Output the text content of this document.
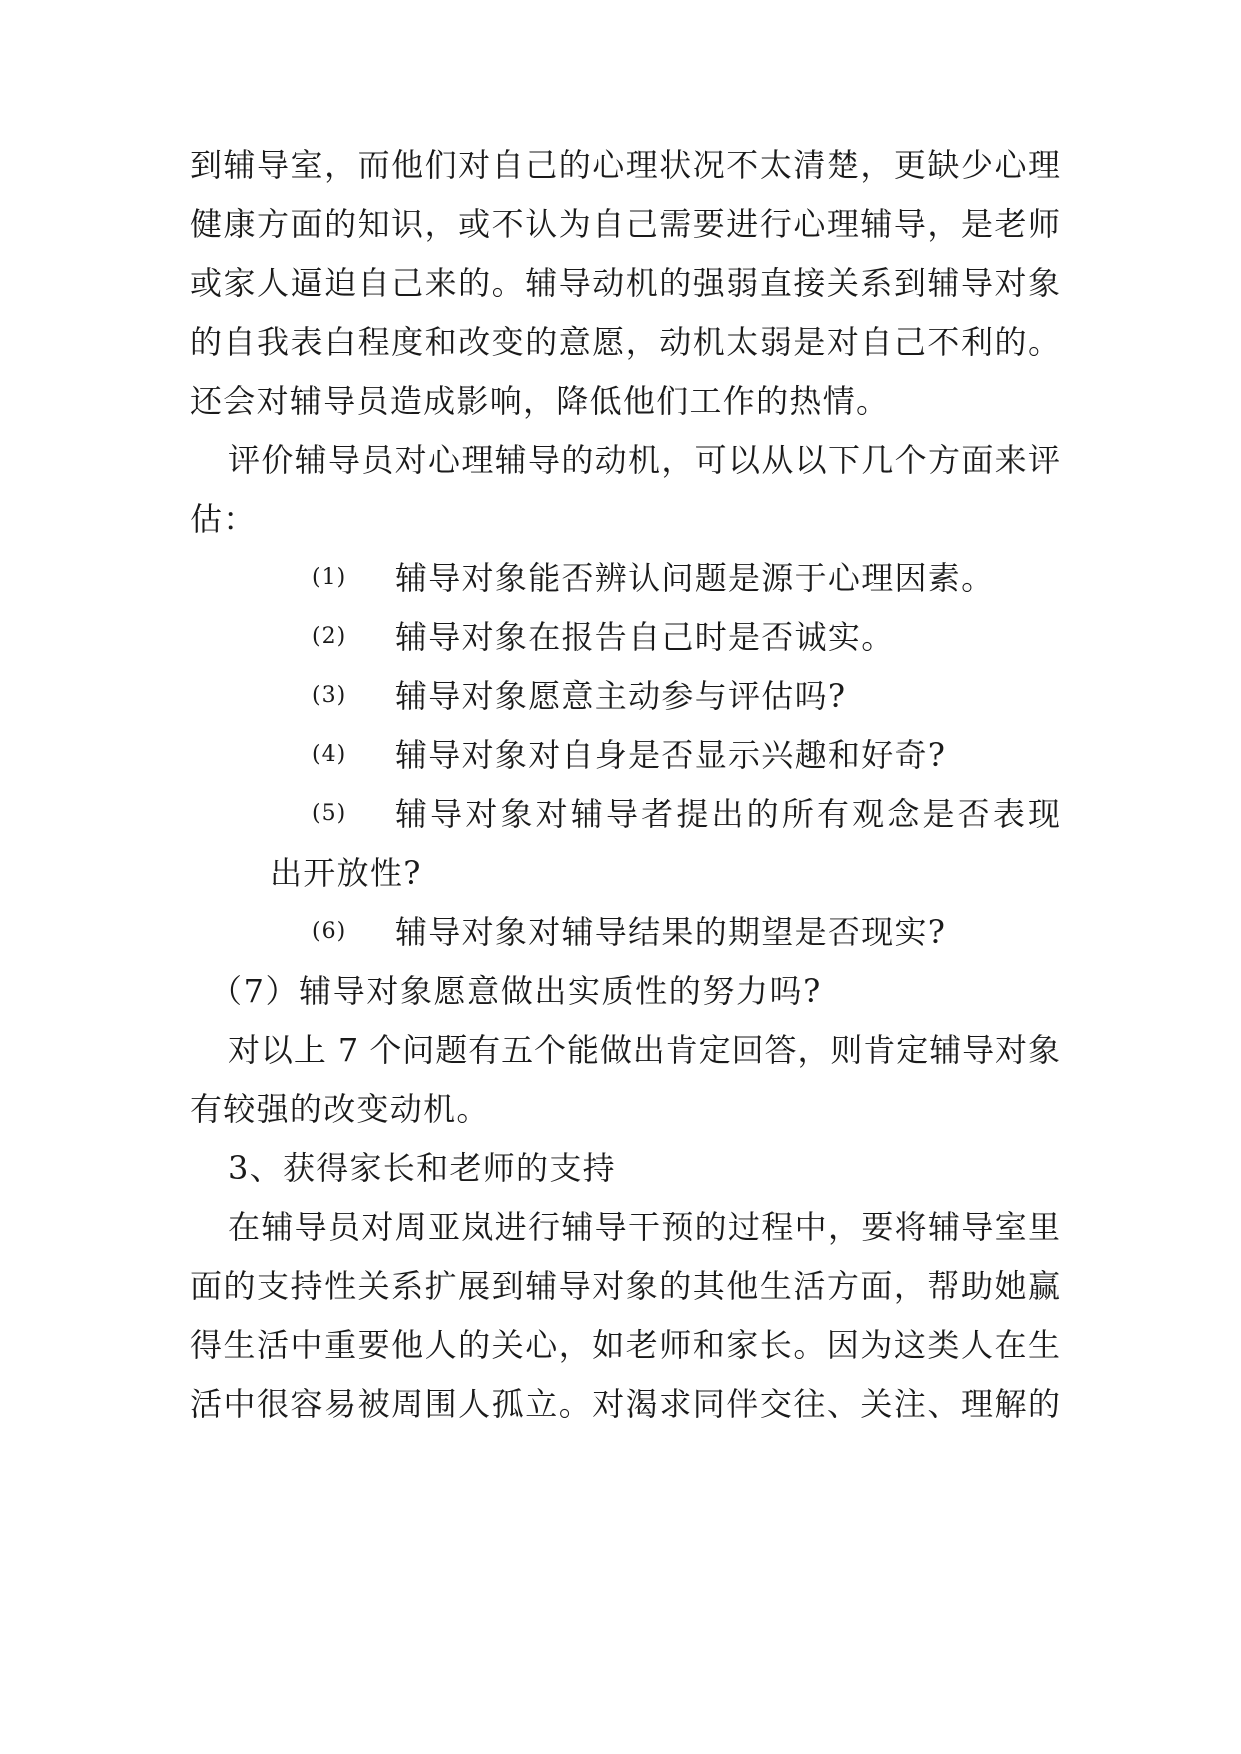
到辅导室，而他们对自己的心理状况不太清楚，更缺少心理
健康方面的知识，或不认为自己需要进行心理辅导，是老师
或家人逼迫自己来的。辅导动机的强弱直接关系到辅导对象
的自我表白程度和改变的意愿，动机太弱是对自己不利的。
还会对辅导员造成影响，降低他们工作的热情。
评价辅导员对心理辅导的动机，可以从以下几个方面来评
估：
(1) 辅导对象能否辨认问题是源于心理因素。
(2) 辅导对象在报告自己时是否诚实。
(3) 辅导对象愿意主动参与评估吗?
(4) 辅导对象对自身是否显示兴趣和好奇?
(5) 辅导对象对辅导者提出的所有观念是否表现
出开放性?
(6) 辅导对象对辅导结果的期望是否现实?
（7）辅导对象愿意做出实质性的努力吗?
对以上 7 个问题有五个能做出肯定回答，则肯定辅导对象
有较强的改变动机。
3、获得家长和老师的支持
在辅导员对周亚岚进行辅导干预的过程中，要将辅导室里
面的支持性关系扩展到辅导对象的其他生活方面，帮助她赢
得生活中重要他人的关心，如老师和家长。因为这类人在生
活中很容易被周围人孤立。对渴求同伴交往、关注、理解的
